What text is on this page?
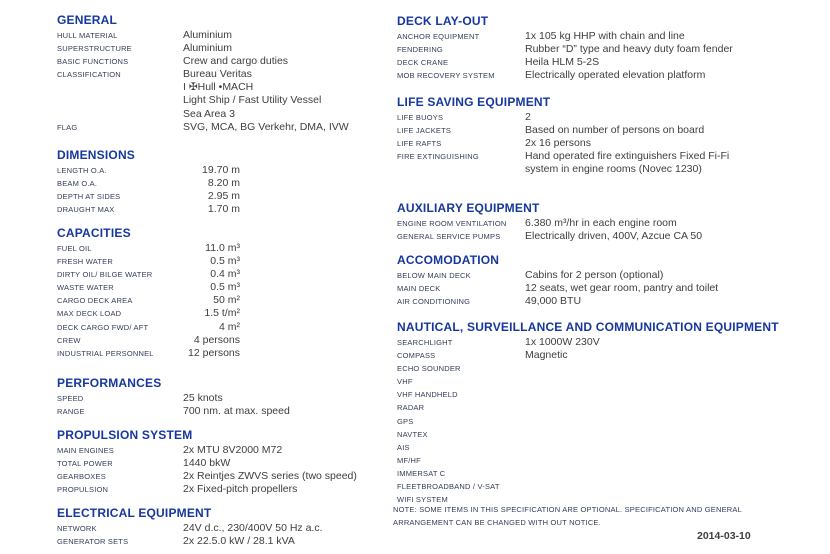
GENERAL
HULL MATERIAL	Aluminium
SUPERSTRUCTURE	Aluminium
BASIC FUNCTIONS	Crew and cargo duties
CLASSIFICATION	Bureau Veritas
I ✠Hull •MACH
Light Ship / Fast Utility Vessel
Sea Area 3
FLAG	SVG, MCA, BG Verkehr, DMA, IVW
DIMENSIONS
LENGTH O.A.	19.70 m
BEAM O.A.	8.20 m
DEPTH AT SIDES	2.95 m
DRAUGHT MAX	1.70 m
CAPACITIES
FUEL OIL	11.0 m³
FRESH WATER	0.5 m³
DIRTY OIL/ BILGE WATER	0.4 m³
WASTE WATER	0.5 m³
CARGO DECK AREA	50 m²
MAX DECK LOAD	1.5 t/m²
DECK CARGO FWD/ AFT	4 m²
CREW	4 persons
INDUSTRIAL PERSONNEL	12 persons
PERFORMANCES
SPEED	25 knots
RANGE	700 nm. at max. speed
PROPULSION SYSTEM
MAIN ENGINES	2x MTU 8V2000 M72
TOTAL POWER	1440 bkW
GEARBOXES	2x Reintjes ZWVS series (two speed)
PROPULSION	2x Fixed-pitch propellers
ELECTRICAL EQUIPMENT
NETWORK	24V d.c., 230/400V 50 Hz a.c.
GENERATOR SETS	2x 22.5.0 kW / 28.1 kVA
DECK LAY-OUT
ANCHOR EQUIPMENT	1x 105 kg HHP with chain and line
FENDERING	Rubber “D” type and heavy duty foam fender
DECK CRANE	Heila HLM 5-2S
MOB RECOVERY SYSTEM	Electrically operated elevation platform
LIFE SAVING EQUIPMENT
LIFE BUOYS	2
LIFE JACKETS	Based on number of persons on board
LIFE RAFTS	2x 16 persons
FIRE EXTINGUISHING	Hand operated fire extinguishers Fixed Fi-Fi
system in engine rooms (Novec 1230)
AUXILIARY EQUIPMENT
ENGINE ROOM VENTILATION	6.380 m³/hr in each engine room
GENERAL SERVICE PUMPS	Electrically driven, 400V, Azcue CA 50
ACCOMODATION
BELOW MAIN DECK	Cabins for 2 person (optional)
MAIN DECK	12 seats, wet gear room, pantry and toilet
AIR CONDITIONING	49,000 BTU
NAUTICAL, SURVEILLANCE AND COMMUNICATION EQUIPMENT
SEARCHLIGHT	1x 1000W 230V
COMPASS	Magnetic
ECHO SOUNDER
VHF
VHF HANDHELD
RADAR
GPS
NAVTEX
AIS
MF/HF
IMMERSAT C
FLEETBROADBAND / V-SAT
WIFI SYSTEM
NOTE: SOME ITEMS IN THIS SPECIFICATION ARE OPTIONAL. SPECIFICATION AND GENERAL ARRANGEMENT CAN BE CHANGED WITH OUT NOTICE.
2014-03-10
